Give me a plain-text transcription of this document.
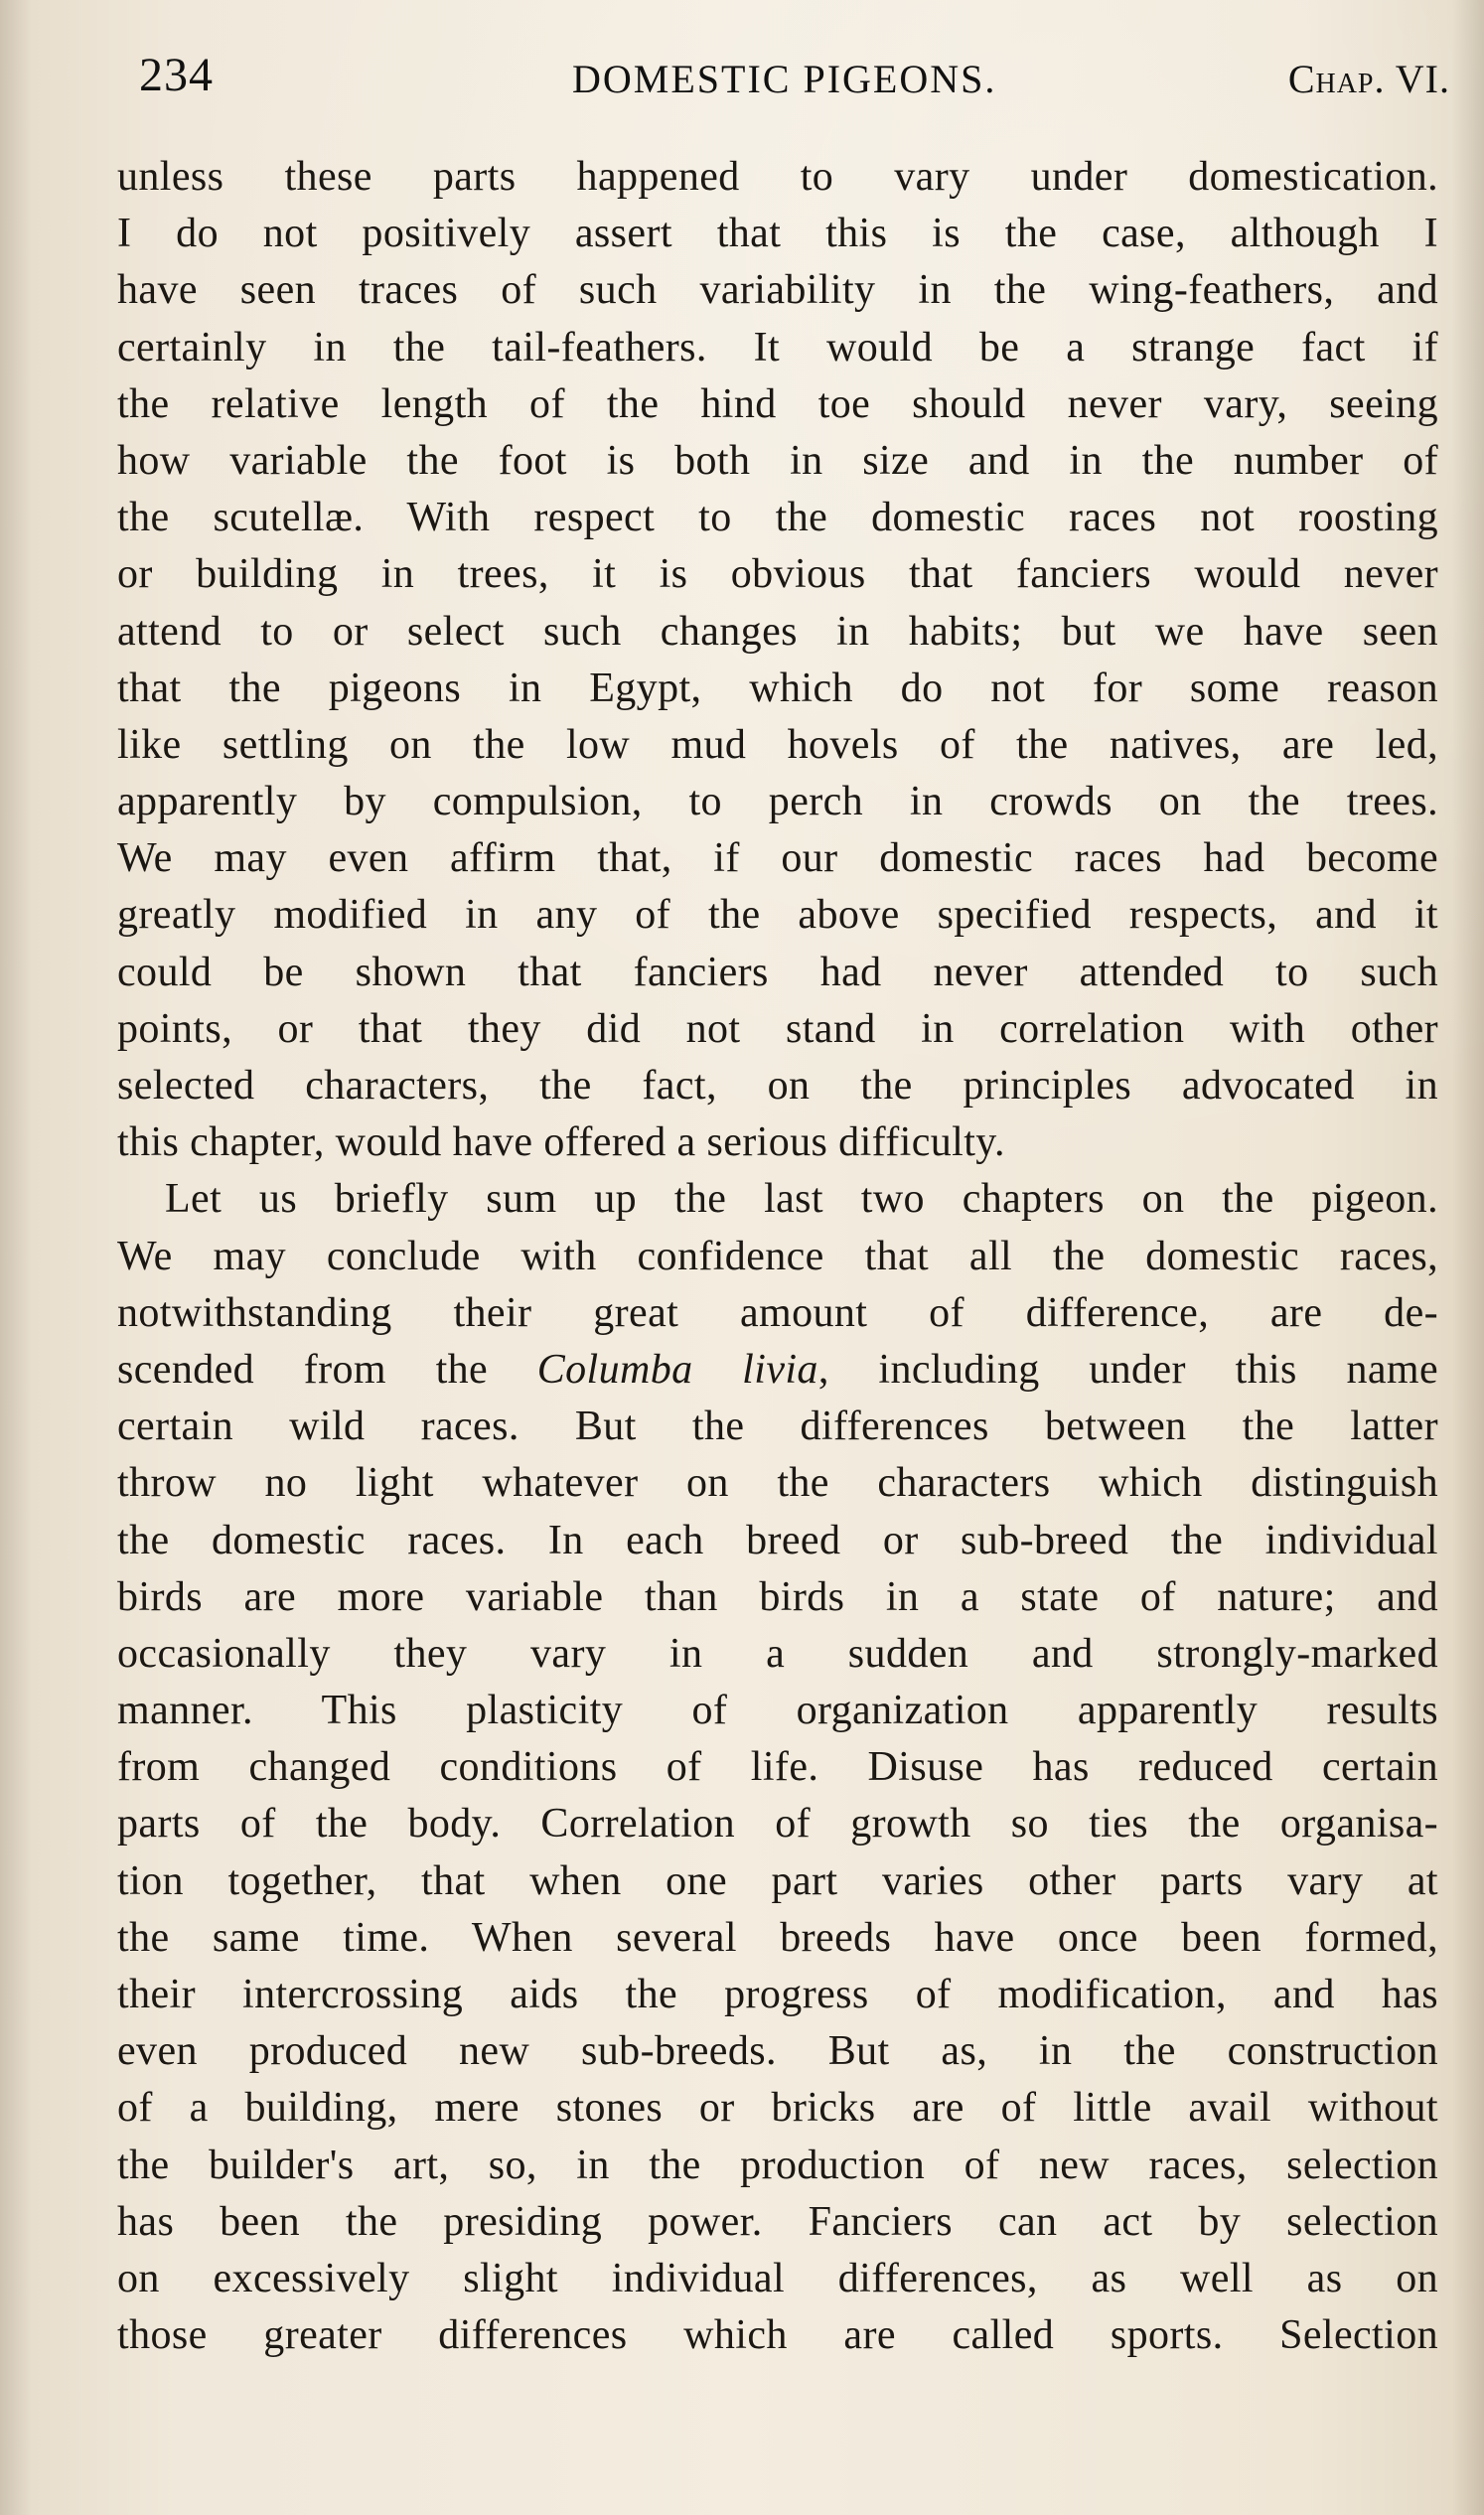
234	DOMESTIC PIGEONS.	Chap. VI.
unless these parts happened to vary under domestication.
I do not positively assert that this is the case, although I
have seen traces of such variability in the wing-feathers, and
certainly in the tail-feathers. It would be a strange fact if
the relative length of the hind toe should never vary, seeing
how variable the foot is both in size and in the number of
the scutellæ. With respect to the domestic races not roosting
or building in trees, it is obvious that fanciers would never
attend to or select such changes in habits; but we have seen
that the pigeons in Egypt, which do not for some reason
like settling on the low mud hovels of the natives, are led,
apparently by compulsion, to perch in crowds on the trees.
We may even affirm that, if our domestic races had become
greatly modified in any of the above specified respects, and it
could be shown that fanciers had never attended to such
points, or that they did not stand in correlation with other
selected characters, the fact, on the principles advocated in
this chapter, would have offered a serious difficulty.
Let us briefly sum up the last two chapters on the pigeon.
We may conclude with confidence that all the domestic races,
notwithstanding their great amount of difference, are de-
scended from the Columba livia, including under this name
certain wild races. But the differences between the latter
throw no light whatever on the characters which distinguish
the domestic races. In each breed or sub-breed the individual
birds are more variable than birds in a state of nature; and
occasionally they vary in a sudden and strongly-marked
manner. This plasticity of organization apparently results
from changed conditions of life. Disuse has reduced certain
parts of the body. Correlation of growth so ties the organisa-
tion together, that when one part varies other parts vary at
the same time. When several breeds have once been formed,
their intercrossing aids the progress of modification, and has
even produced new sub-breeds. But as, in the construction
of a building, mere stones or bricks are of little avail without
the builder's art, so, in the production of new races, selection
has been the presiding power. Fanciers can act by selection
on excessively slight individual differences, as well as on
those greater differences which are called sports. Selection
